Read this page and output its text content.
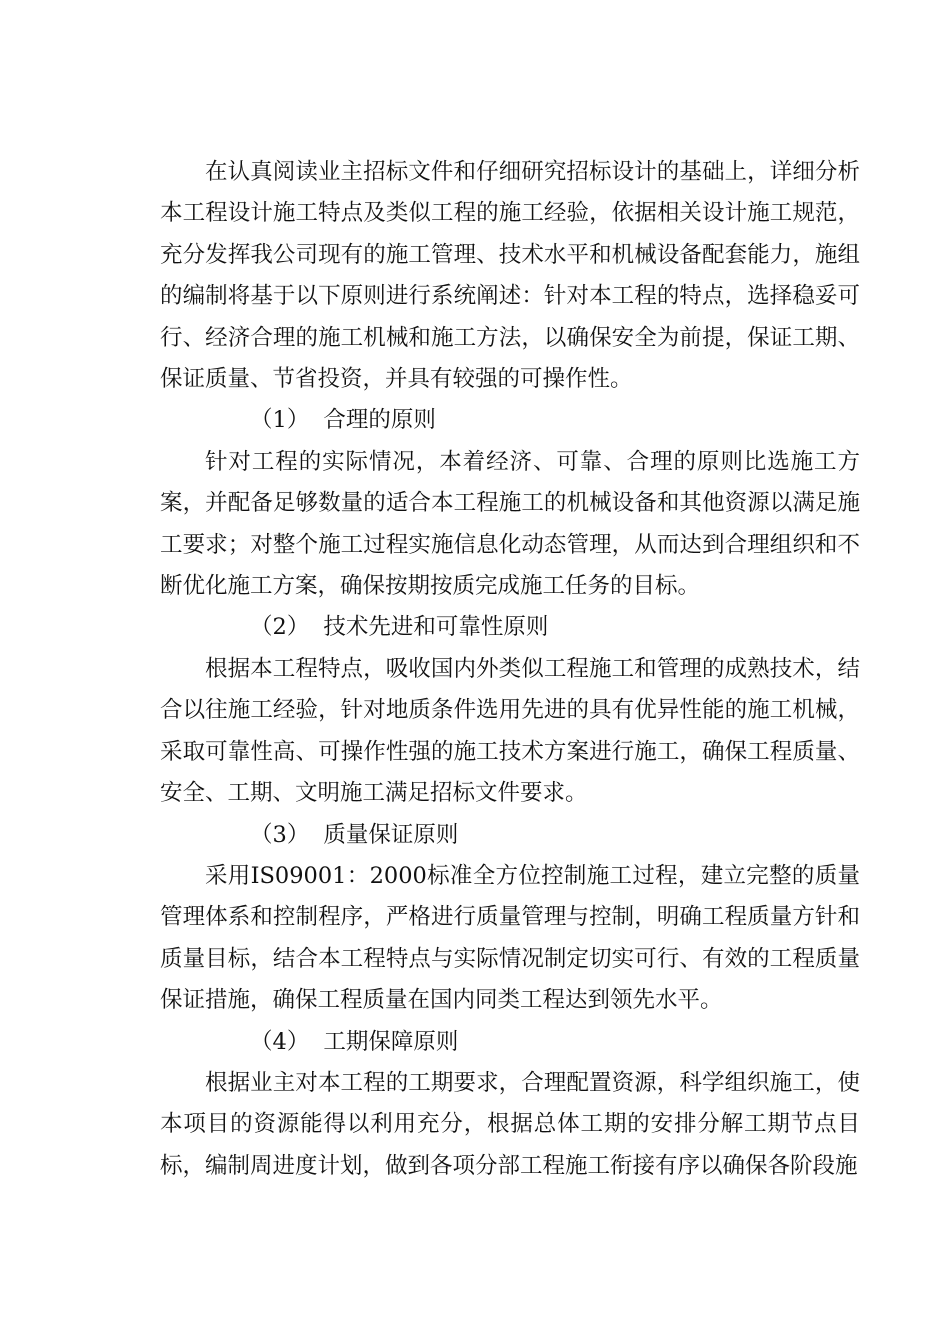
在认真阅读业主招标文件和仔细研究招标设计的基础上，详细分析本工程设计施工特点及类似工程的施工经验，依据相关设计施工规范，充分发挥我公司现有的施工管理、技术水平和机械设备配套能力，施组的编制将基于以下原则进行系统阐述：针对本工程的特点，选择稳妥可行、经济合理的施工机械和施工方法，以确保安全为前提，保证工期、保证质量、节省投资，并具有较强的可操作性。

（1） 合理的原则

针对工程的实际情况，本着经济、可靠、合理的原则比选施工方案，并配备足够数量的适合本工程施工的机械设备和其他资源以满足施工要求；对整个施工过程实施信息化动态管理，从而达到合理组织和不断优化施工方案，确保按期按质完成施工任务的目标。

（2） 技术先进和可靠性原则

根据本工程特点，吸收国内外类似工程施工和管理的成熟技术，结合以往施工经验，针对地质条件选用先进的具有优异性能的施工机械，采取可靠性高、可操作性强的施工技术方案进行施工，确保工程质量、安全、工期、文明施工满足招标文件要求。

（3） 质量保证原则

采用IS09001：2000标准全方位控制施工过程，建立完整的质量管理体系和控制程序，严格进行质量管理与控制，明确工程质量方针和质量目标，结合本工程特点与实际情况制定切实可行、有效的工程质量保证措施，确保工程质量在国内同类工程达到领先水平。

（4） 工期保障原则

根据业主对本工程的工期要求，合理配置资源，科学组织施工，使本项目的资源能得以利用充分，根据总体工期的安排分解工期节点目标，编制周进度计划，做到各项分部工程施工衔接有序以确保各阶段施
